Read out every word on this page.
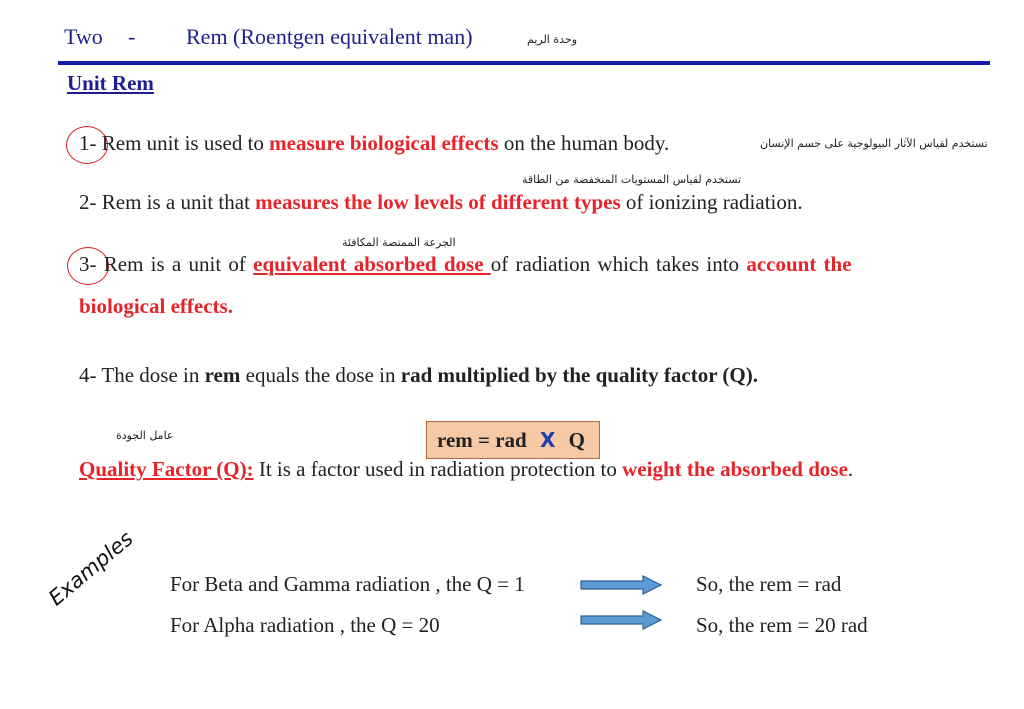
Two - Rem (Roentgen equivalent man)	وحدة الريم
Unit Rem
1- Rem unit is used to measure biological effects on the human body.	تستخدم لقياس الآثار البيولوجية على جسم الإنسان
تستخدم لقياس المستويات المنخفضة من الطاقة
2- Rem is a unit that measures the low levels of different types of ionizing radiation.
الجرعة الممتصة المكافئة
3- Rem is a unit of equivalent absorbed dose of radiation which takes into account the
biological effects.
4- The dose in rem equals the dose in rad multiplied by the quality factor (Q).
rem = rad X Q
عامل الجودة
Quality Factor (Q): It is a factor used in radiation protection to weight the absorbed dose.
Examples For Beta and Gamma radiation , the Q = 1	So, the rem = rad
For Alpha radiation , the Q = 20	So, the rem = 20 rad
